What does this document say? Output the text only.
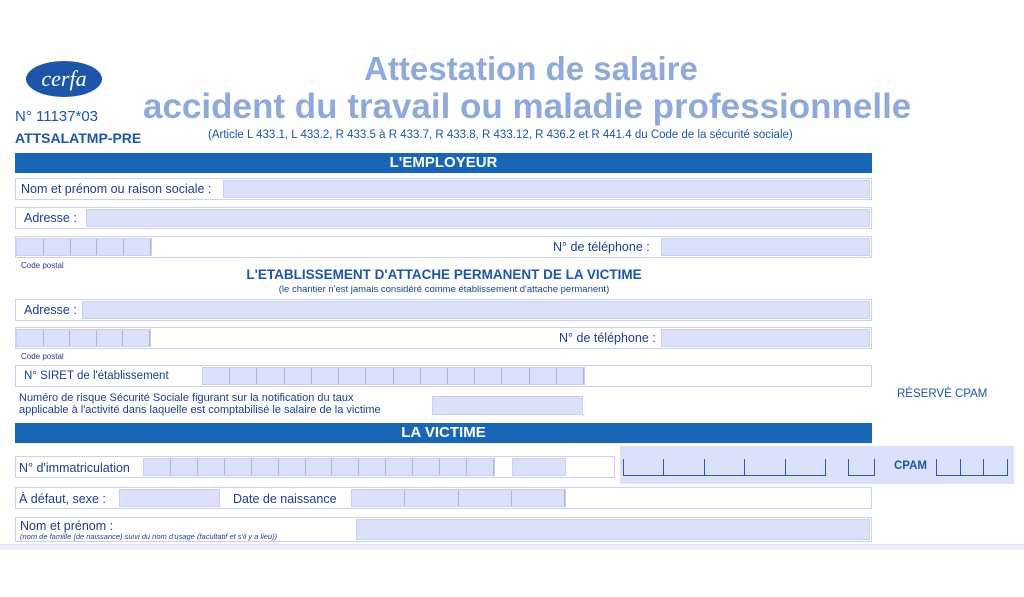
cerfa
N° 11137*03
ATTSALATMP-PRE
Attestation de salaire
accident du travail ou maladie professionnelle
(Article L 433.1, L 433.2, R 433.5 à R 433.7, R 433.8, R 433.12, R 436.2 et R 441.4 du Code de la sécurité sociale)
L'EMPLOYEUR
Nom et prénom ou raison sociale :
Adresse :
N° de téléphone :
Code postal
L'ETABLISSEMENT D'ATTACHE PERMANENT DE LA VICTIME
(le chantier n'est jamais considéré comme établissement d'attache permanent)
Adresse :
N° de téléphone :
Code postal
N° SIRET de l'établissement
Numéro de risque Sécurité Sociale figurant sur la notification du taux
applicable à l'activité dans laquelle est comptabilisé le salaire de la victime
RÉSERVÉ CPAM
LA VICTIME
CPAM
N° d'immatriculation
À défaut, sexe :	Date de naissance
Nom et prénom :
(nom de famille (de naissance) suivi du nom d'usage (facultatif et s'il y a lieu))
